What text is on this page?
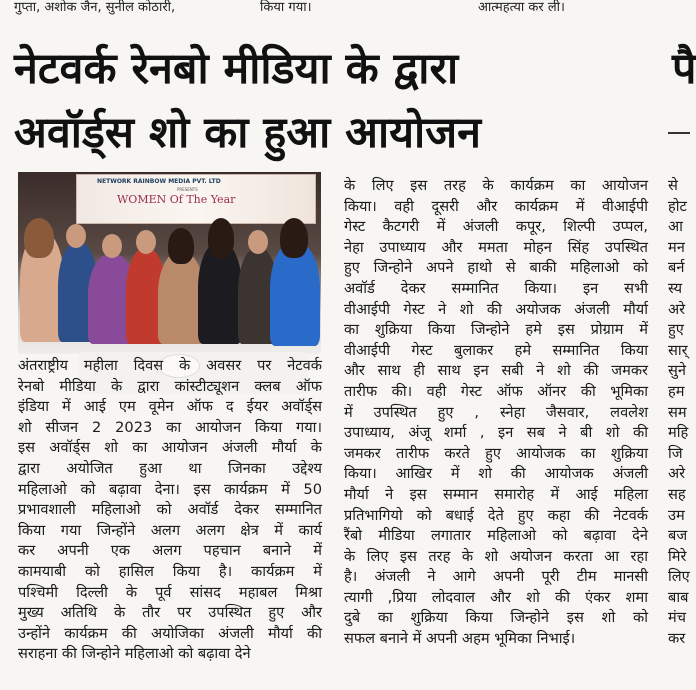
गुप्ता, अशोक जैन, सुनील कोठारी,	किया गया।	आत्महत्या कर ली।
नेटवर्क रेनबो मीडिया के द्वारा
अवॉर्ड्स शो का हुआ आयोजन
पै
NETWORK RAINBOW MEDIA PVT. LTD
PRESENTS
WOMEN Of The Year
अंतराष्ट्रीय महीला दिवस के अवसर पर नेटवर्क
रेनबो मीडिया के द्वारा कांस्टीट्यूशन क्लब ऑफ
इंडिया में आई एम वूमेन ऑफ द ईयर अवॉर्ड्स
शो सीजन 2 2023 का आयोजन किया गया।
इस अवॉर्ड्स शो का आयोजन अंजली मौर्या के
द्वारा अयोजित हुआ था जिनका उद्देश्य
महिलाओ को बढ़ावा देना। इस कार्यक्रम में 50
प्रभावशाली महिलाओ को अवॉर्ड देकर सम्मानित
किया गया जिन्होंने अलग अलग क्षेत्र में कार्य
कर अपनी एक अलग पहचान बनाने में
कामयाबी को हासिल किया है। कार्यक्रम में
पश्चिमी दिल्ली के पूर्व सांसद महाबल मिश्रा
मुख्य अतिथि के तौर पर उपस्थित हुए और
उन्होंने कार्यक्रम की अयोजिका अंजली मौर्या की
सराहना की जिन्होने महिलाओ को बढ़ावा देने
के लिए इस तरह के कार्यक्रम का आयोजन
किया। वही दूसरी और कार्यक्रम में वीआईपी
गेस्ट कैटगरी में अंजली कपूर, शिल्पी उप्पल,
नेहा उपाध्याय और ममता मोहन सिंह उपस्थित
हुए जिन्होने अपने हाथो से बाकी महिलाओ को
अवॉर्ड देकर सम्मानित किया। इन सभी
वीआईपी गेस्ट ने शो की अयोजक अंजली मौर्या
का शुक्रिया किया जिन्होने हमे इस प्रोग्राम में
वीआईपी गेस्ट बुलाकर हमे सम्मानित किया
और साथ ही साथ इन सबी ने शो की जमकर
तारीफ की। वही गेस्ट ऑफ ऑनर की भूमिका
में उपस्थित हुए , स्नेहा जैसवार, लवलेश
उपाध्याय, अंजू शर्मा , इन सब ने बी शो की
जमकर तारीफ करते हुए आयोजक का शुक्रिया
किया। आखिर में शो की आयोजक अंजली
मौर्या ने इस सम्मान समारोह में आई महिला
प्रतिभागियो को बधाई देते हुए कहा की नेटवर्क
रैंबो मीडिया लगातार महिलाओ को बढ़ावा देने
के लिए इस तरह के शो अयोजन करता आ रहा
है। अंजली ने आगे अपनी पूरी टीम मानसी
त्यागी ,प्रिया लोदवाल और शो की एंकर शमा
दुबे का शुक्रिया किया जिन्होने इस शो को
सफल बनाने में अपनी अहम भूमिका निभाई।
से
होट
आ
मन
बर्न
स्य
अरे
हुए
सार्
सुने
हम
सम
महि
जि
अरे
सह
उम
बज
मिरे
लिए
बाब
मंच
कर
